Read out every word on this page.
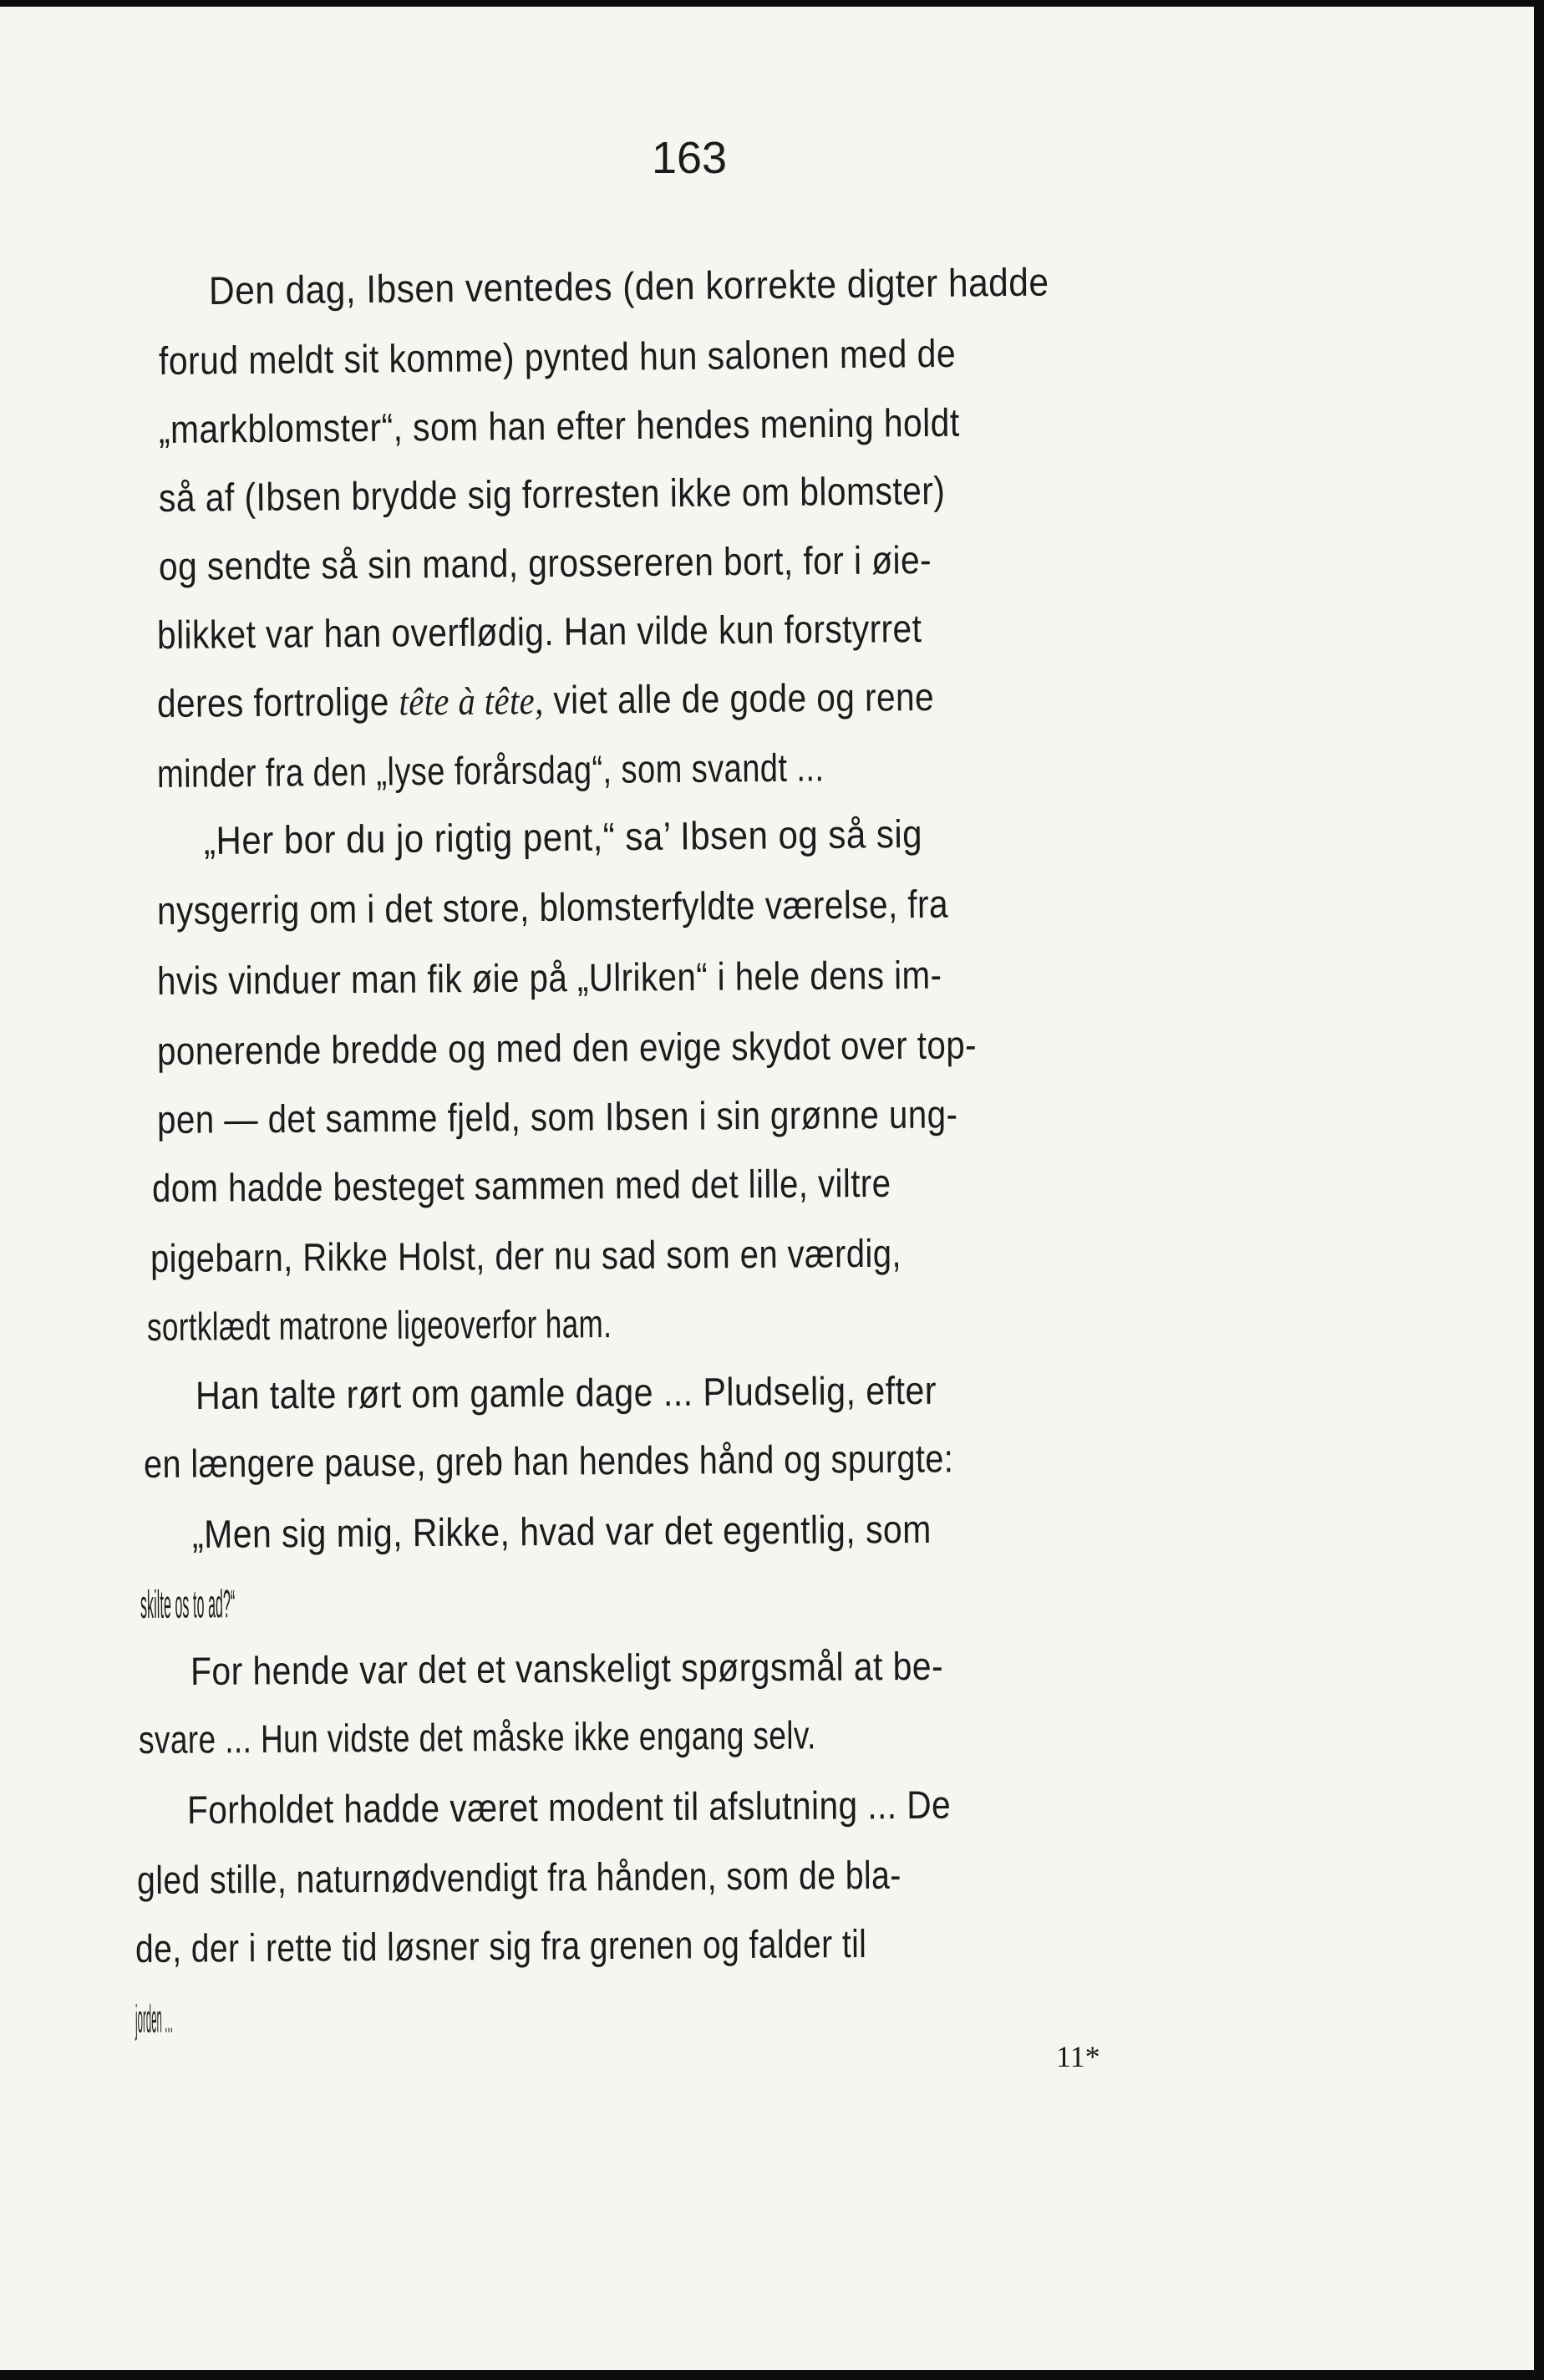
163
Den dag, Ibsen ventedes (den korrekte digter hadde
forud meldt sit komme) pynted hun salonen med de
„markblomster“, som han efter hendes mening holdt
så af (Ibsen brydde sig forresten ikke om blomster)
og sendte så sin mand, grossereren bort, for i øie-
blikket var han overflødig. Han vilde kun forstyrret
deres fortrolige tête à tête, viet alle de gode og rene
minder fra den „lyse forårsdag“, som svandt ...
„Her bor du jo rigtig pent,“ sa’ Ibsen og så sig
nysgerrig om i det store, blomsterfyldte værelse, fra
hvis vinduer man fik øie på „Ulriken“ i hele dens im-
ponerende bredde og med den evige skydot over top-
pen — det samme fjeld, som Ibsen i sin grønne ung-
dom hadde besteget sammen med det lille, viltre
pigebarn, Rikke Holst, der nu sad som en værdig,
sortklædt matrone ligeoverfor ham.
Han talte rørt om gamle dage ... Pludselig, efter
en længere pause, greb han hendes hånd og spurgte:
„Men sig mig, Rikke, hvad var det egentlig, som
skilte os to ad?“
For hende var det et vanskeligt spørgsmål at be-
svare ... Hun vidste det måske ikke engang selv.
Forholdet hadde været modent til afslutning ... De
gled stille, naturnødvendigt fra hånden, som de bla-
de, der i rette tid løsner sig fra grenen og falder til
jorden ...
11*
